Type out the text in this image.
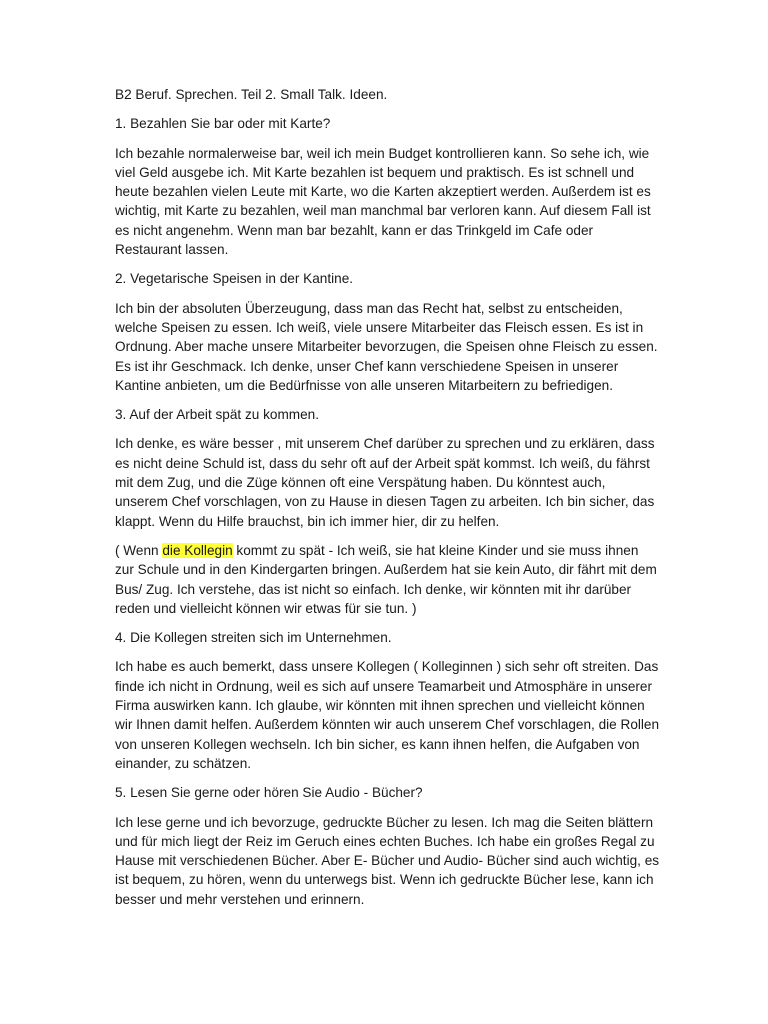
B2 Beruf. Sprechen. Teil 2. Small Talk. Ideen.

1. Bezahlen Sie bar oder mit Karte?

Ich bezahle normalerweise bar, weil ich mein Budget kontrollieren kann. So sehe ich, wie viel Geld ausgebe ich. Mit Karte bezahlen ist bequem und praktisch. Es ist schnell und heute bezahlen vielen Leute mit Karte, wo die Karten akzeptiert werden. Außerdem ist es wichtig, mit Karte zu bezahlen, weil man manchmal bar verloren kann. Auf diesem Fall ist es nicht angenehm. Wenn man bar bezahlt, kann er das Trinkgeld im Cafe oder Restaurant lassen.

2. Vegetarische Speisen in der Kantine.

Ich bin der absoluten Überzeugung, dass man das Recht hat, selbst zu entscheiden, welche Speisen zu essen. Ich weiß, viele unsere Mitarbeiter das Fleisch essen. Es ist in Ordnung. Aber mache unsere Mitarbeiter bevorzugen, die Speisen ohne Fleisch zu essen. Es ist ihr Geschmack. Ich denke, unser Chef kann verschiedene Speisen in unserer Kantine anbieten, um die Bedürfnisse von alle unseren Mitarbeitern zu befriedigen.

3. Auf der Arbeit spät zu kommen.

Ich denke, es wäre besser , mit unserem Chef darüber zu sprechen und zu erklären, dass es nicht deine Schuld ist, dass du sehr oft auf der Arbeit spät kommst. Ich weiß, du fährst mit dem Zug, und die Züge können oft eine Verspätung haben. Du könntest auch, unserem Chef vorschlagen, von zu Hause in diesen Tagen zu arbeiten. Ich bin sicher, das klappt. Wenn du Hilfe brauchst, bin ich immer hier, dir zu helfen.

( Wenn die Kollegin kommt zu spät - Ich weiß, sie hat kleine Kinder und sie muss ihnen zur Schule und in den Kindergarten bringen. Außerdem hat sie kein Auto, dir fährt mit dem Bus/ Zug. Ich verstehe, das ist nicht so einfach. Ich denke, wir könnten mit ihr darüber reden und vielleicht können wir etwas für sie tun. )

4. Die Kollegen streiten sich im Unternehmen.

Ich habe es auch bemerkt, dass unsere Kollegen ( Kolleginnen ) sich sehr oft streiten. Das finde ich nicht in Ordnung, weil es sich auf unsere Teamarbeit und Atmosphäre in unserer Firma auswirken kann. Ich glaube, wir könnten mit ihnen sprechen und vielleicht können wir Ihnen damit helfen. Außerdem könnten wir auch unserem Chef vorschlagen, die Rollen von unseren Kollegen wechseln. Ich bin sicher, es kann ihnen helfen, die Aufgaben von einander, zu schätzen.

5. Lesen Sie gerne oder hören Sie Audio - Bücher?

Ich lese gerne und ich bevorzuge, gedruckte Bücher zu lesen. Ich mag die Seiten blättern und für mich liegt der Reiz im Geruch eines echten Buches. Ich habe ein großes Regal zu Hause mit verschiedenen Bücher. Aber E- Bücher und Audio- Bücher sind auch wichtig, es ist bequem, zu hören, wenn du unterwegs bist. Wenn ich gedruckte Bücher lese, kann ich besser und mehr verstehen und erinnern.
